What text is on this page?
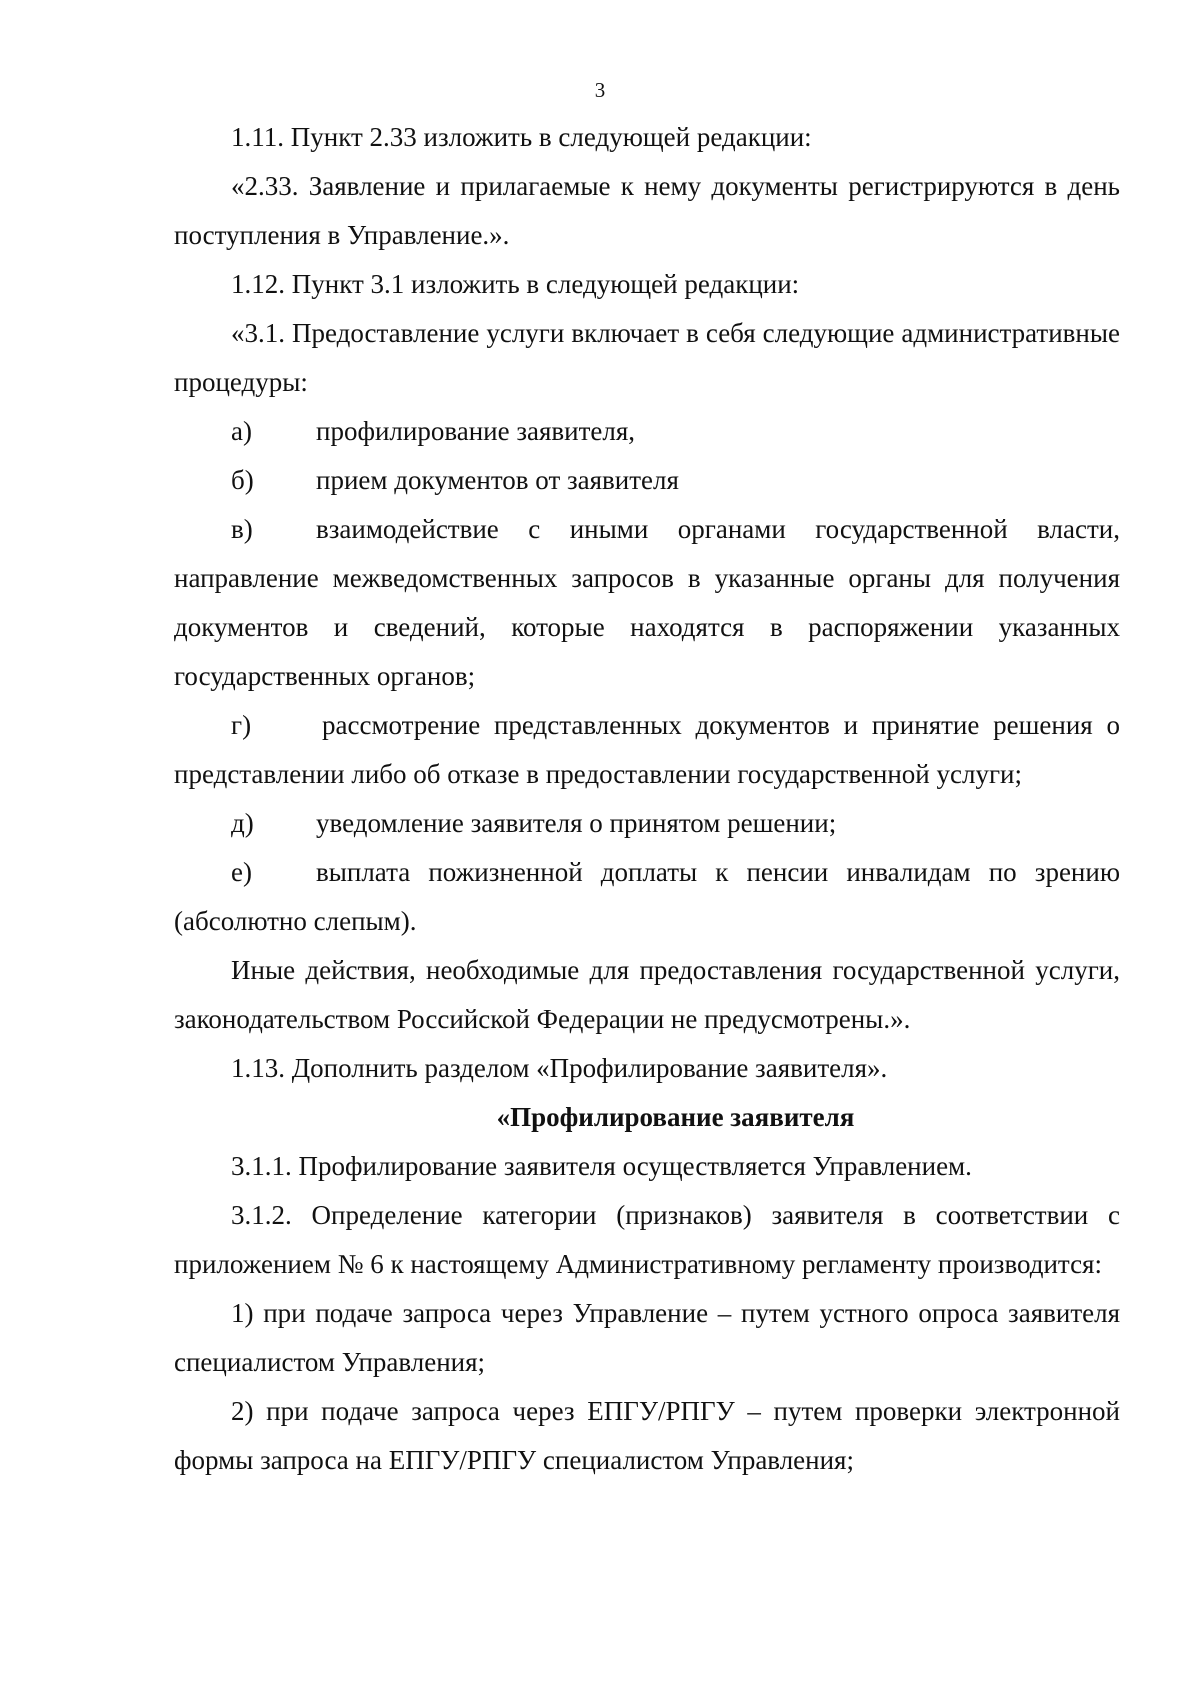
3

1.11. Пункт 2.33 изложить в следующей редакции:

«2.33. Заявление и прилагаемые к нему документы регистрируются в день поступления в Управление.».

1.12. Пункт 3.1 изложить в следующей редакции:

«3.1. Предоставление услуги включает в себя следующие административные процедуры:

а) профилирование заявителя,

б) прием документов от заявителя

в) взаимодействие с иными органами государственной власти, направление межведомственных запросов в указанные органы для получения документов и сведений, которые находятся в распоряжении указанных государственных органов;

г)	рассмотрение представленных документов и принятие решения о представлении либо об отказе в предоставлении государственной услуги;

д) уведомление заявителя о принятом решении;

е) выплата пожизненной доплаты к пенсии инвалидам по зрению (абсолютно слепым).

Иные действия, необходимые для предоставления государственной услуги, законодательством Российской Федерации не предусмотрены.».

1.13. Дополнить разделом «Профилирование заявителя».

«Профилирование заявителя

3.1.1. Профилирование заявителя осуществляется Управлением.

3.1.2. Определение категории (признаков) заявителя в соответствии с приложением № 6 к настоящему Административному регламенту производится:

1) при подаче запроса через Управление – путем устного опроса заявителя специалистом Управления;

2) при подаче запроса через ЕПГУ/РПГУ – путем проверки электронной формы запроса на ЕПГУ/РПГУ специалистом Управления;
